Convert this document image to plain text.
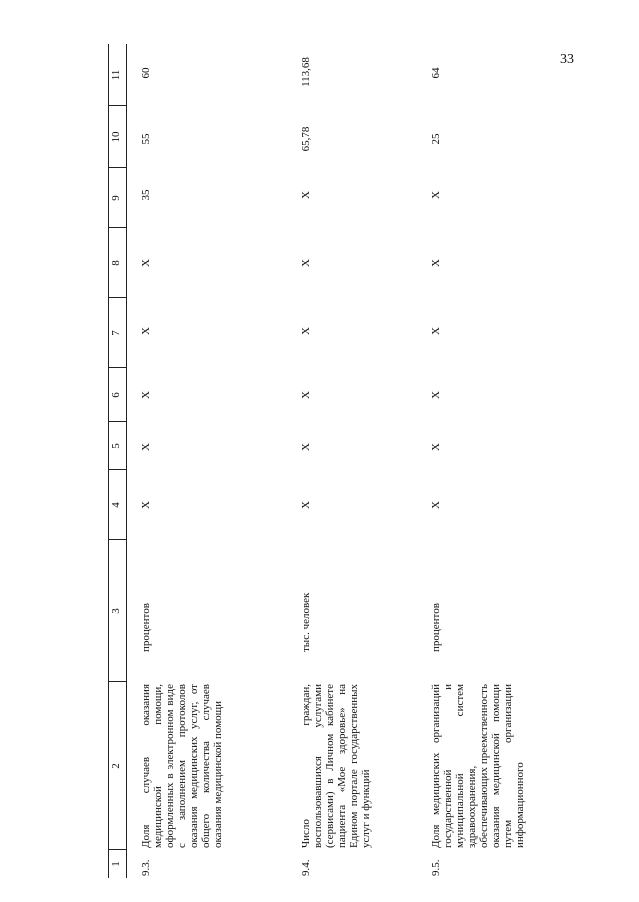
33
1
2
3
4
5
6
7
8
9
10
11
9.3.
Доля случаев оказания медицинской помощи, оформленных в электронном виде с заполнением протоколов оказания медицинских услуг, от общего количества случаев оказания медицинской помощи
процентов
X
X
X
X
X
35
55
60
9.4.
Число граждан, воспользовавшихся услугами (сервисами) в Личном кабинете пациента «Мое здоровье» на Едином портале государственных услуг и функций
тыс. человек
X
X
X
X
X
X
65,78
113,68
9.5.
Доля медицинских организаций государственной и муниципальной систем здравоохранения, обеспечивающих преемственность оказания медицинской помощи путем организации информационного
процентов
X
X
X
X
X
X
25
64
